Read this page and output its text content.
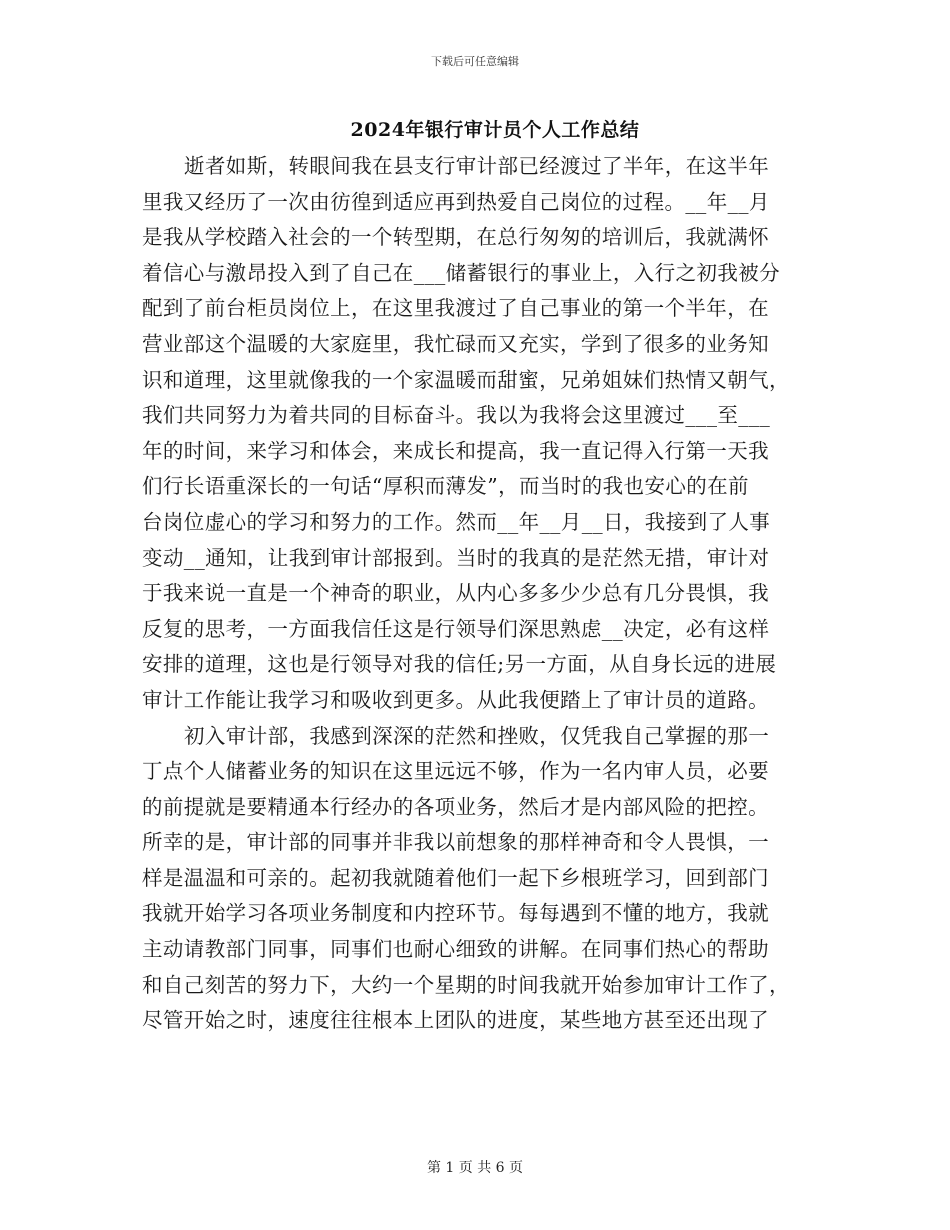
下载后可任意编辑
2024年银行审计员个人工作总结
逝者如斯，转眼间我在县支行审计部已经渡过了半年，在这半年
里我又经历了一次由彷徨到适应再到热爱自己岗位的过程。__年__月
是我从学校踏入社会的一个转型期，在总行匆匆的培训后，我就满怀
着信心与激昂投入到了自己在___储蓄银行的事业上，入行之初我被分
配到了前台柜员岗位上，在这里我渡过了自己事业的第一个半年，在
营业部这个温暖的大家庭里，我忙碌而又充实，学到了很多的业务知
识和道理，这里就像我的一个家温暖而甜蜜，兄弟姐妹们热情又朝气，
我们共同努力为着共同的目标奋斗。我以为我将会这里渡过___至___
年的时间，来学习和体会，来成长和提高，我一直记得入行第一天我
们行长语重深长的一句话“厚积而薄发”，而当时的我也安心的在前
台岗位虚心的学习和努力的工作。然而__年__月__日，我接到了人事
变动__通知，让我到审计部报到。当时的我真的是茫然无措，审计对
于我来说一直是一个神奇的职业，从内心多多少少总有几分畏惧，我
反复的思考，一方面我信任这是行领导们深思熟虑__决定，必有这样
安排的道理，这也是行领导对我的信任;另一方面，从自身长远的进展
审计工作能让我学习和吸收到更多。从此我便踏上了审计员的道路。
初入审计部，我感到深深的茫然和挫败，仅凭我自己掌握的那一
丁点个人储蓄业务的知识在这里远远不够，作为一名内审人员，必要
的前提就是要精通本行经办的各项业务，然后才是内部风险的把控。
所幸的是，审计部的同事并非我以前想象的那样神奇和令人畏惧，一
样是温温和可亲的。起初我就随着他们一起下乡根班学习，回到部门
我就开始学习各项业务制度和内控环节。每每遇到不懂的地方，我就
主动请教部门同事，同事们也耐心细致的讲解。在同事们热心的帮助
和自己刻苦的努力下，大约一个星期的时间我就开始参加审计工作了，
尽管开始之时，速度往往根本上团队的进度，某些地方甚至还出现了
第 1 页 共 6 页
